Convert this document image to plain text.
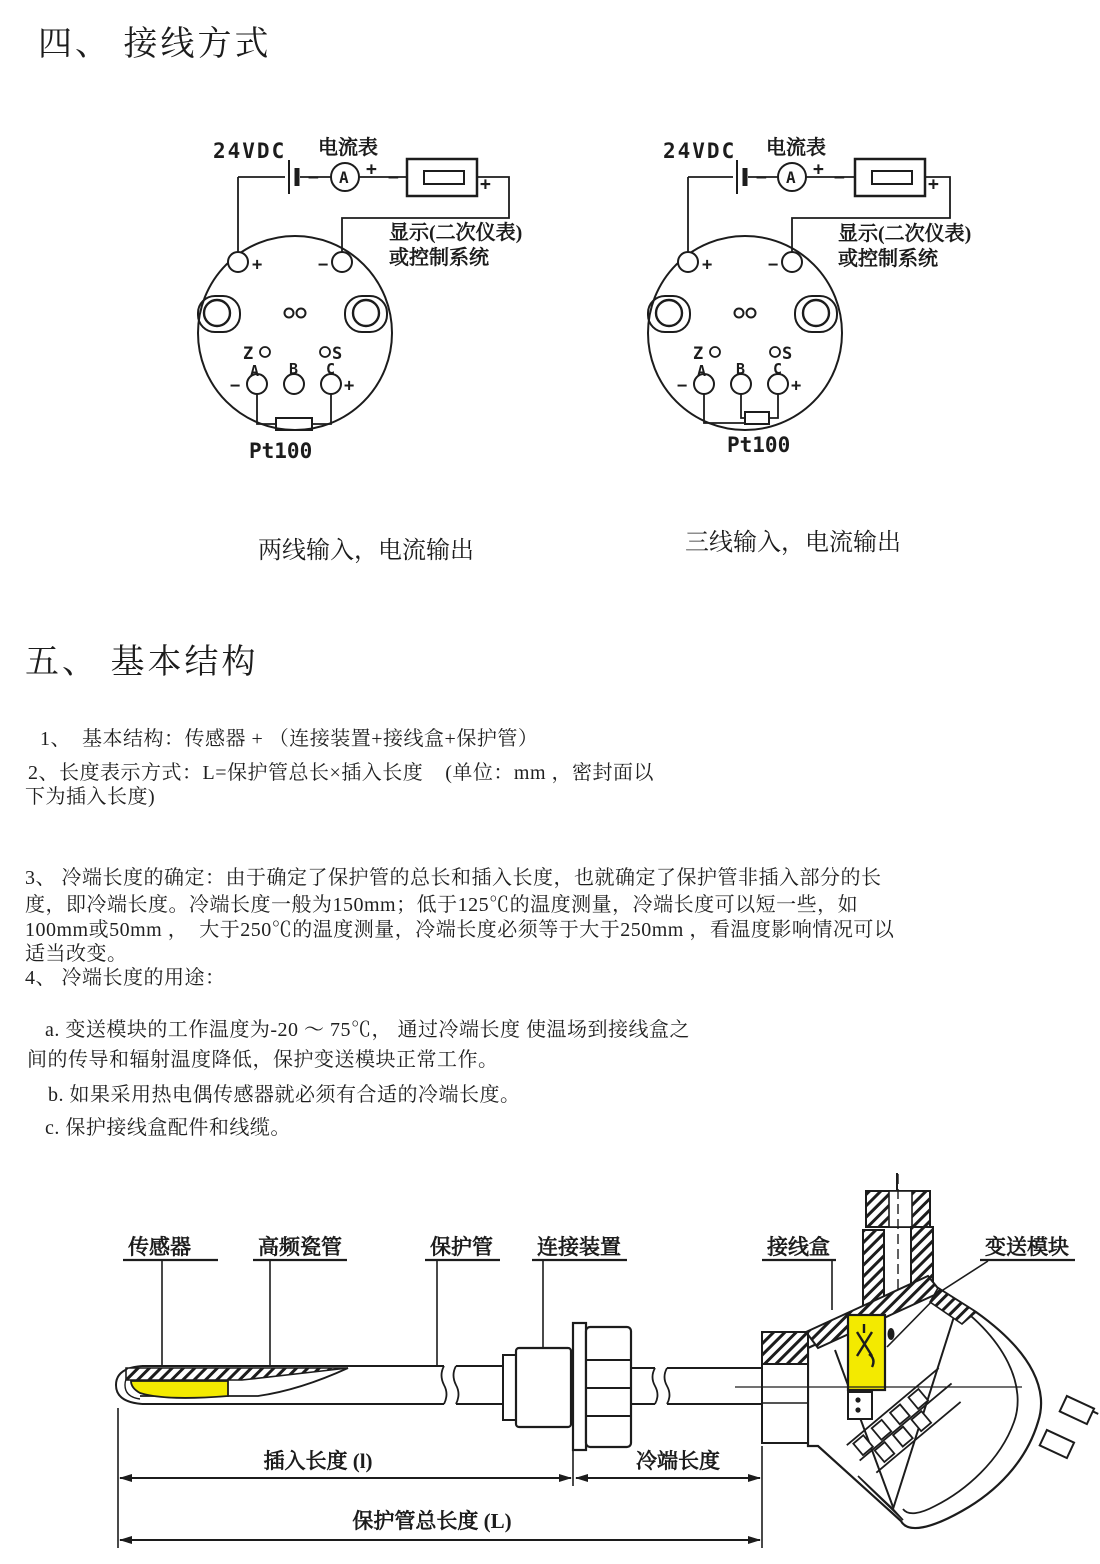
四、 接线方式
24VDC 电流表
− A + −	+
显示(二次仪表)
或控制系统
+	−
Z	S
A B C
−	+
Pt100
24VDC 电流表
− A + −	+
显示(二次仪表)
或控制系统
+	−
Z	S
A B C
−	+
Pt100
两线输入，电流输出	三线输入，电流输出
五、 基本结构
1、  基本结构：传感器 + （连接装置+接线盒+保护管）
2、长度表示方式：L=保护管总长×插入长度    (单位：mm ，密封面以
下为插入长度)
3、 冷端长度的确定：由于确定了保护管的总长和插入长度，也就确定了保护管非插入部分的长
度，即冷端长度。冷端长度一般为150mm；低于125℃的温度测量，冷端长度可以短一些，如
100mm或50mm ，  大于250℃的温度测量，冷端长度必须等于大于250mm ，看温度影响情况可以
适当改变。
4、 冷端长度的用途：
a. 变送模块的工作温度为-20 ～ 75℃， 通过冷端长度 使温场到接线盒之
间的传导和辐射温度降低，保护变送模块正常工作。
b. 如果采用热电偶传感器就必须有合适的冷端长度。
c. 保护接线盒配件和线缆。
传感器	高频瓷管	保护管 连接装置	接线盒	变送模块
插入长度 (l)	冷端长度
保护管总长度 (L)
